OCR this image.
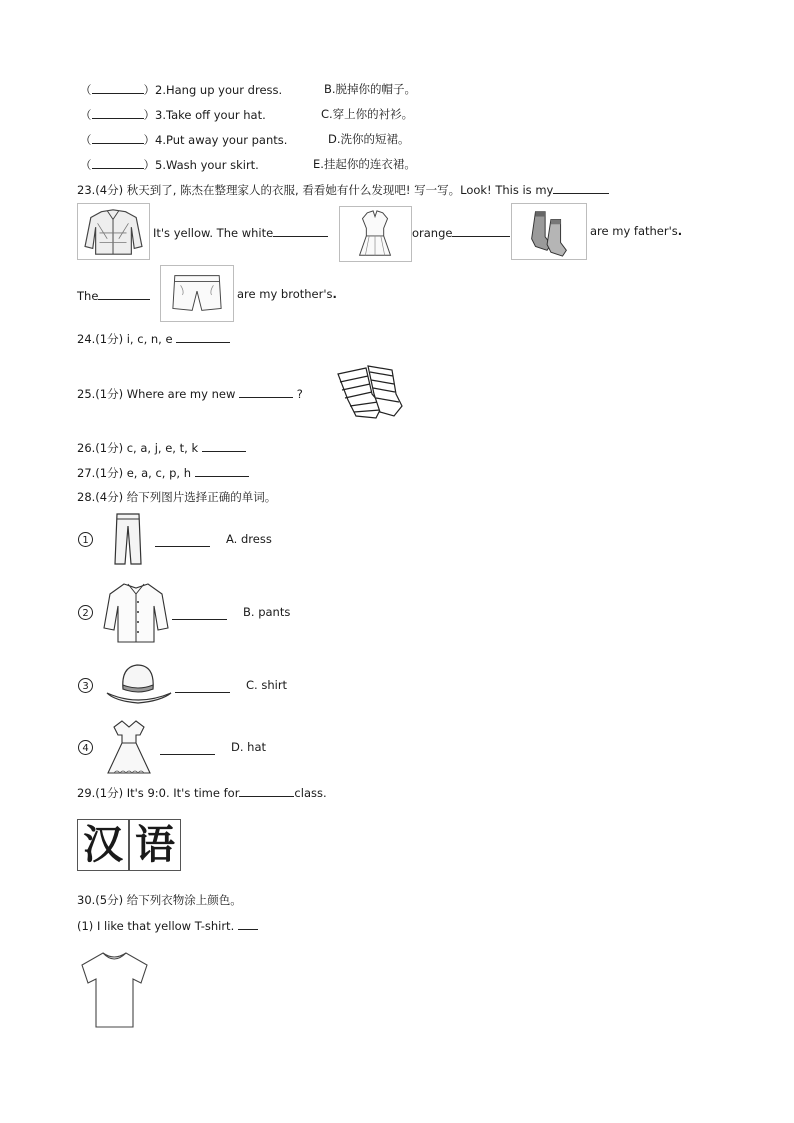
（	）2.Hang up your dress.	B.脱掉你的帽子。
（	）3.Take off your hat.	C.穿上你的衬衫。
（	）4.Put away your pants.	D.洗你的短裙。
（	）5.Wash your skirt.	E.挂起你的连衣裙。
23.(4分) 秋天到了, 陈杰在整理家人的衣服, 看看她有什么发现吧! 写一写。Look! This is my
It's yellow. The white	orange	are my father's.
The	are my brother's.
24.(1分) i, c, n, e
25.(1分) Where are my new	?
26.(1分) c, a, j, e, t, k
27.(1分) e, a, c, p, h
28.(4分) 给下列图片选择正确的单词。
1	A. dress
2	B. pants
3	C. shirt
4	D. hat
29.(1分) It's 9:0. It's time for	class.
汉 语
30.(5分) 给下列衣物涂上颜色。
(1) I like that yellow T-shirt.
